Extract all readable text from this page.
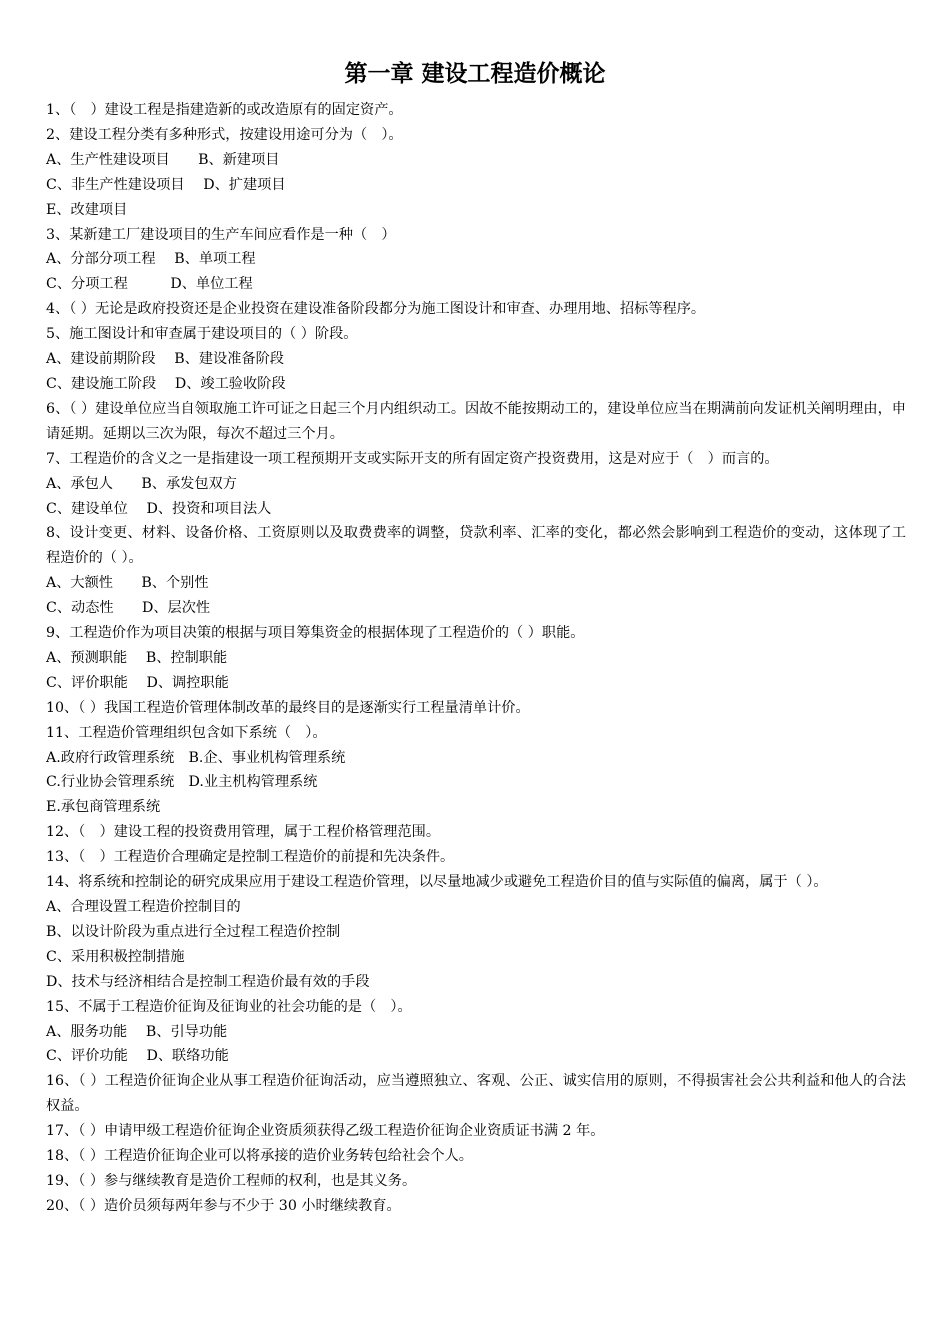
第一章 建设工程造价概论
1、（　）建设工程是指建造新的或改造原有的固定资产。
2、建设工程分类有多种形式，按建设用途可分为（　）。
A、生产性建设项目　　B、新建项目
C、非生产性建设项目　 D、扩建项目
E、改建项目
3、某新建工厂建设项目的生产车间应看作是一种（　）
A、分部分项工程　 B、单项工程
C、分项工程　　　D、单位工程
4、（ ）无论是政府投资还是企业投资在建设准备阶段都分为施工图设计和审查、办理用地、招标等程序。
5、施工图设计和审查属于建设项目的（ ）阶段。
A、建设前期阶段　 B、建设准备阶段
C、建设施工阶段　 D、竣工验收阶段
6、（ ）建设单位应当自领取施工许可证之日起三个月内组织动工。因故不能按期动工的，建设单位应当在期满前向发证机关阐明理由，申请延期。延期以三次为限，每次不超过三个月。
7、工程造价的含义之一是指建设一项工程预期开支或实际开支的所有固定资产投资费用，这是对应于（　）而言的。
A、承包人　　B、承发包双方
C、建设单位　 D、投资和项目法人
8、设计变更、材料、设备价格、工资原则以及取费费率的调整，贷款利率、汇率的变化，都必然会影响到工程造价的变动，这体现了工程造价的（ ）。
A、大额性　　B、个别性
C、动态性　　D、层次性
9、工程造价作为项目决策的根据与项目筹集资金的根据体现了工程造价的（ ）职能。
A、预测职能　 B、控制职能
C、评价职能　 D、调控职能
10、（ ）我国工程造价管理体制改革的最终目的是逐渐实行工程量清单计价。
11、工程造价管理组织包含如下系统（　）。
A.政府行政管理系统　B.企、事业机构管理系统
C.行业协会管理系统　D.业主机构管理系统
E.承包商管理系统
12、（　）建设工程的投资费用管理，属于工程价格管理范围。
13、（　）工程造价合理确定是控制工程造价的前提和先决条件。
14、将系统和控制论的研究成果应用于建设工程造价管理，以尽量地减少或避免工程造价目的值与实际值的偏离，属于（ ）。
A、合理设置工程造价控制目的
B、以设计阶段为重点进行全过程工程造价控制
C、采用积极控制措施
D、技术与经济相结合是控制工程造价最有效的手段
15、不属于工程造价征询及征询业的社会功能的是（　）。
A、服务功能　 B、引导功能
C、评价功能　 D、联络功能
16、（ ）工程造价征询企业从事工程造价征询活动，应当遵照独立、客观、公正、诚实信用的原则，不得损害社会公共利益和他人的合法权益。
17、（ ）申请甲级工程造价征询企业资质须获得乙级工程造价征询企业资质证书满 2 年。
18、（ ）工程造价征询企业可以将承接的造价业务转包给社会个人。
19、（ ）参与继续教育是造价工程师的权利，也是其义务。
20、（ ）造价员须每两年参与不少于 30 小时继续教育。
